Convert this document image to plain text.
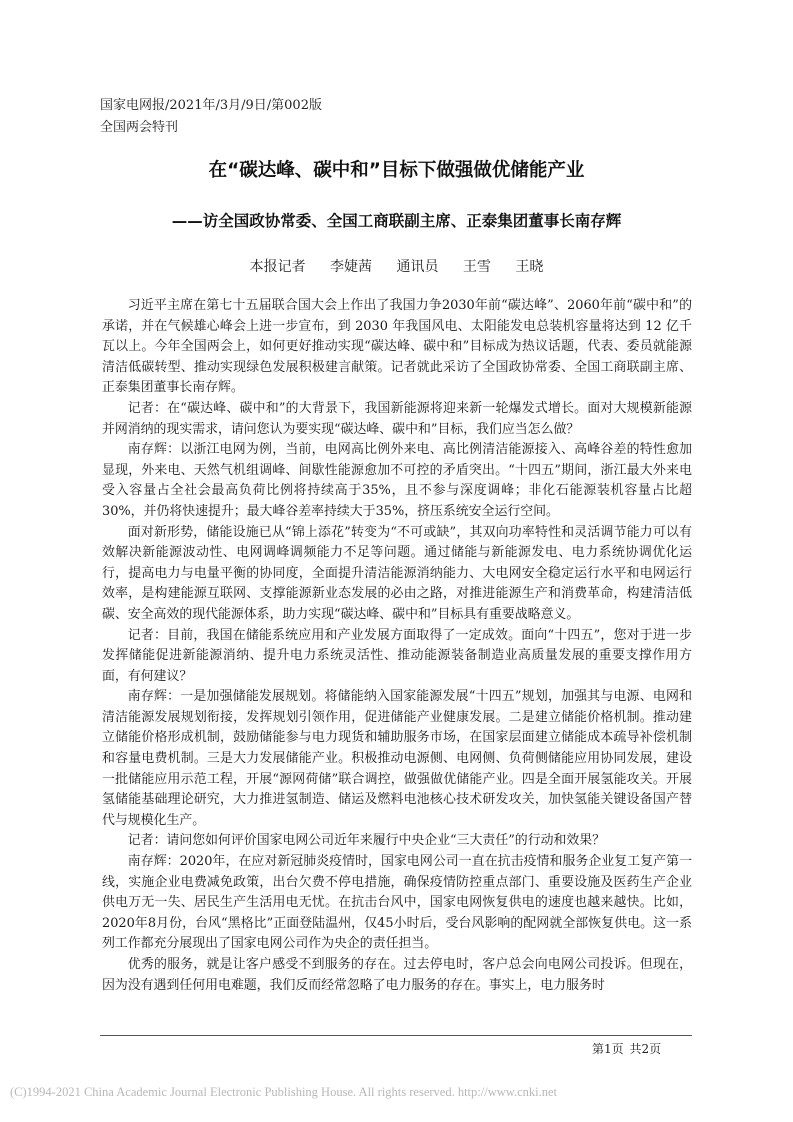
国家电网报/2021年/3月/9日/第002版
全国两会特刊
在“碳达峰、碳中和”目标下做强做优储能产业
——访全国政协常委、全国工商联副主席、正泰集团董事长南存辉
本报记者 李婕茜 通讯员 王雪 王晓

习近平主席在第七十五届联合国大会上作出了我国力争2030年前“碳达峰”、2060年前“碳中和”的承诺，并在气候雄心峰会上进一步宣布，到 2030 年我国风电、太阳能发电总装机容量将达到 12 亿千瓦以上。今年全国两会上，如何更好推动实现“碳达峰、碳中和”目标成为热议话题，代表、委员就能源清洁低碳转型、推动实现绿色发展积极建言献策。记者就此采访了全国政协常委、全国工商联副主席、正泰集团董事长南存辉。

记者：在“碳达峰、碳中和”的大背景下，我国新能源将迎来新一轮爆发式增长。面对大规模新能源并网消纳的现实需求，请问您认为要实现“碳达峰、碳中和”目标，我们应当怎么做？

南存辉：以浙江电网为例，当前，电网高比例外来电、高比例清洁能源接入、高峰谷差的特性愈加显现，外来电、天然气机组调峰、间歇性能源愈加不可控的矛盾突出。“十四五”期间，浙江最大外来电受入容量占全社会最高负荷比例将持续高于35%，且不参与深度调峰；非化石能源装机容量占比超30%，并仍将快速提升；最大峰谷差率持续大于35%，挤压系统安全运行空间。

面对新形势，储能设施已从“锦上添花”转变为“不可或缺”，其双向功率特性和灵活调节能力可以有效解决新能源波动性、电网调峰调频能力不足等问题。通过储能与新能源发电、电力系统协调优化运行，提高电力与电量平衡的协同度，全面提升清洁能源消纳能力、大电网安全稳定运行水平和电网运行效率，是构建能源互联网、支撑能源新业态发展的必由之路，对推进能源生产和消费革命，构建清洁低碳、安全高效的现代能源体系，助力实现“碳达峰、碳中和”目标具有重要战略意义。

记者：目前，我国在储能系统应用和产业发展方面取得了一定成效。面向“十四五”，您对于进一步发挥储能促进新能源消纳、提升电力系统灵活性、推动能源装备制造业高质量发展的重要支撑作用方面，有何建议？

南存辉：一是加强储能发展规划。将储能纳入国家能源发展“十四五”规划，加强其与电源、电网和清洁能源发展规划衔接，发挥规划引领作用，促进储能产业健康发展。二是建立储能价格机制。推动建立储能价格形成机制，鼓励储能参与电力现货和辅助服务市场，在国家层面建立储能成本疏导补偿机制和容量电费机制。三是大力发展储能产业。积极推动电源侧、电网侧、负荷侧储能应用协同发展，建设一批储能应用示范工程，开展“源网荷储”联合调控，做强做优储能产业。四是全面开展氢能攻关。开展氢储能基础理论研究，大力推进氢制造、储运及燃料电池核心技术研发攻关，加快氢能关键设备国产替代与规模化生产。

记者：请问您如何评价国家电网公司近年来履行中央企业“三大责任”的行动和效果？

南存辉：2020年，在应对新冠肺炎疫情时，国家电网公司一直在抗击疫情和服务企业复工复产第一线，实施企业电费减免政策，出台欠费不停电措施，确保疫情防控重点部门、重要设施及医药生产企业供电万无一失、居民生产生活用电无忧。在抗击台风中，国家电网恢复供电的速度也越来越快。比如，2020年8月份，台风“黑格比”正面登陆温州，仅45小时后，受台风影响的配网就全部恢复供电。这一系列工作都充分展现出了国家电网公司作为央企的责任担当。

优秀的服务，就是让客户感受不到服务的存在。过去停电时，客户总会向电网公司投诉。但现在，因为没有遇到任何用电难题，我们反而经常忽略了电力服务的存在。事实上，电力服务时

第1页 共2页
(C)1994-2021 China Academic Journal Electronic Publishing House. All rights reserved. http://www.cnki.net
